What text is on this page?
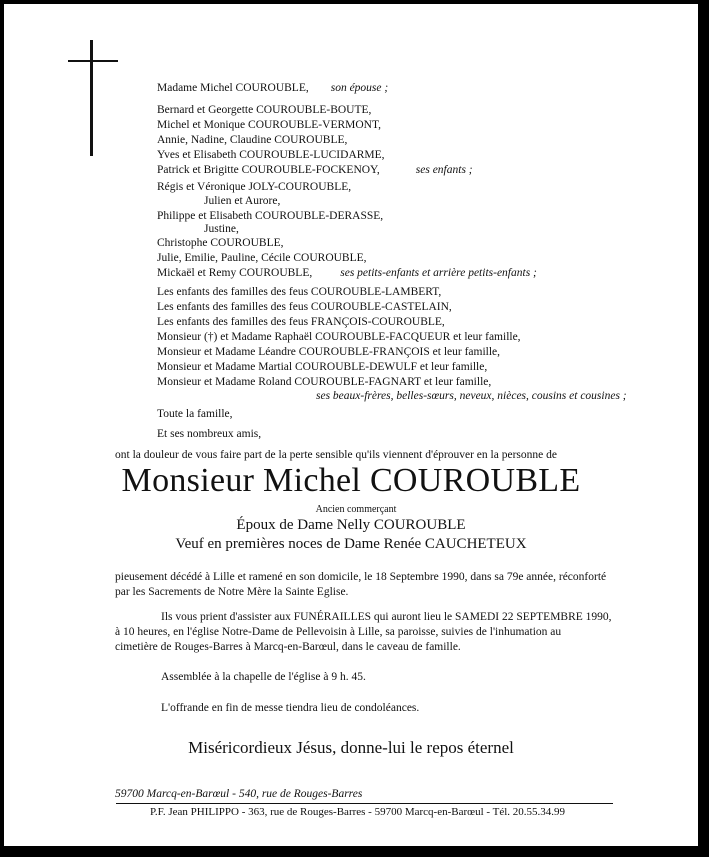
Madame Michel COUROUBLE, son épouse ;
Bernard et Georgette COUROUBLE-BOUTE,
Michel et Monique COUROUBLE-VERMONT,
Annie, Nadine, Claudine COUROUBLE,
Yves et Elisabeth COUROUBLE-LUCIDARME,
Patrick et Brigitte COUROUBLE-FOCKENOY,	ses enfants ;
Régis et Véronique JOLY-COUROUBLE,
Julien et Aurore,
Philippe et Elisabeth COUROUBLE-DERASSE,
Justine,
Christophe COUROUBLE,
Julie, Emilie, Pauline, Cécile COUROUBLE,
Mickaël et Remy COUROUBLE, ses petits-enfants et arrière petits-enfants ;
Les enfants des familles des feus COUROUBLE-LAMBERT,
Les enfants des familles des feus COUROUBLE-CASTELAIN,
Les enfants des familles des feus FRANÇOIS-COUROUBLE,
Monsieur (†) et Madame Raphaël COUROUBLE-FACQUEUR et leur famille,
Monsieur et Madame Léandre COUROUBLE-FRANÇOIS et leur famille,
Monsieur et Madame Martial COUROUBLE-DEWULF et leur famille,
Monsieur et Madame Roland COUROUBLE-FAGNART et leur famille,
ses beaux-frères, belles-sœurs, neveux, nièces, cousins et cousines ;
Toute la famille,
Et ses nombreux amis,
ont la douleur de vous faire part de la perte sensible qu'ils viennent d'éprouver en la personne de
Monsieur Michel COUROUBLE
Ancien commerçant
Époux de Dame Nelly COUROUBLE
Veuf en premières noces de Dame Renée CAUCHETEUX
pieusement décédé à Lille et ramené en son domicile, le 18 Septembre 1990, dans sa 79e année, réconforté
par les Sacrements de Notre Mère la Sainte Eglise.
Ils vous prient d'assister aux FUNÉRAILLES qui auront lieu le SAMEDI 22 SEPTEMBRE 1990,
à 10 heures, en l'église Notre-Dame de Pellevoisin à Lille, sa paroisse, suivies de l'inhumation au
cimetière de Rouges-Barres à Marcq-en-Barœul, dans le caveau de famille.
Assemblée à la chapelle de l'église à 9 h. 45.
L'offrande en fin de messe tiendra lieu de condoléances.
Miséricordieux Jésus, donne-lui le repos éternel
59700 Marcq-en-Barœul - 540, rue de Rouges-Barres
P.F. Jean PHILIPPO - 363, rue de Rouges-Barres - 59700 Marcq-en-Barœul - Tél. 20.55.34.99
